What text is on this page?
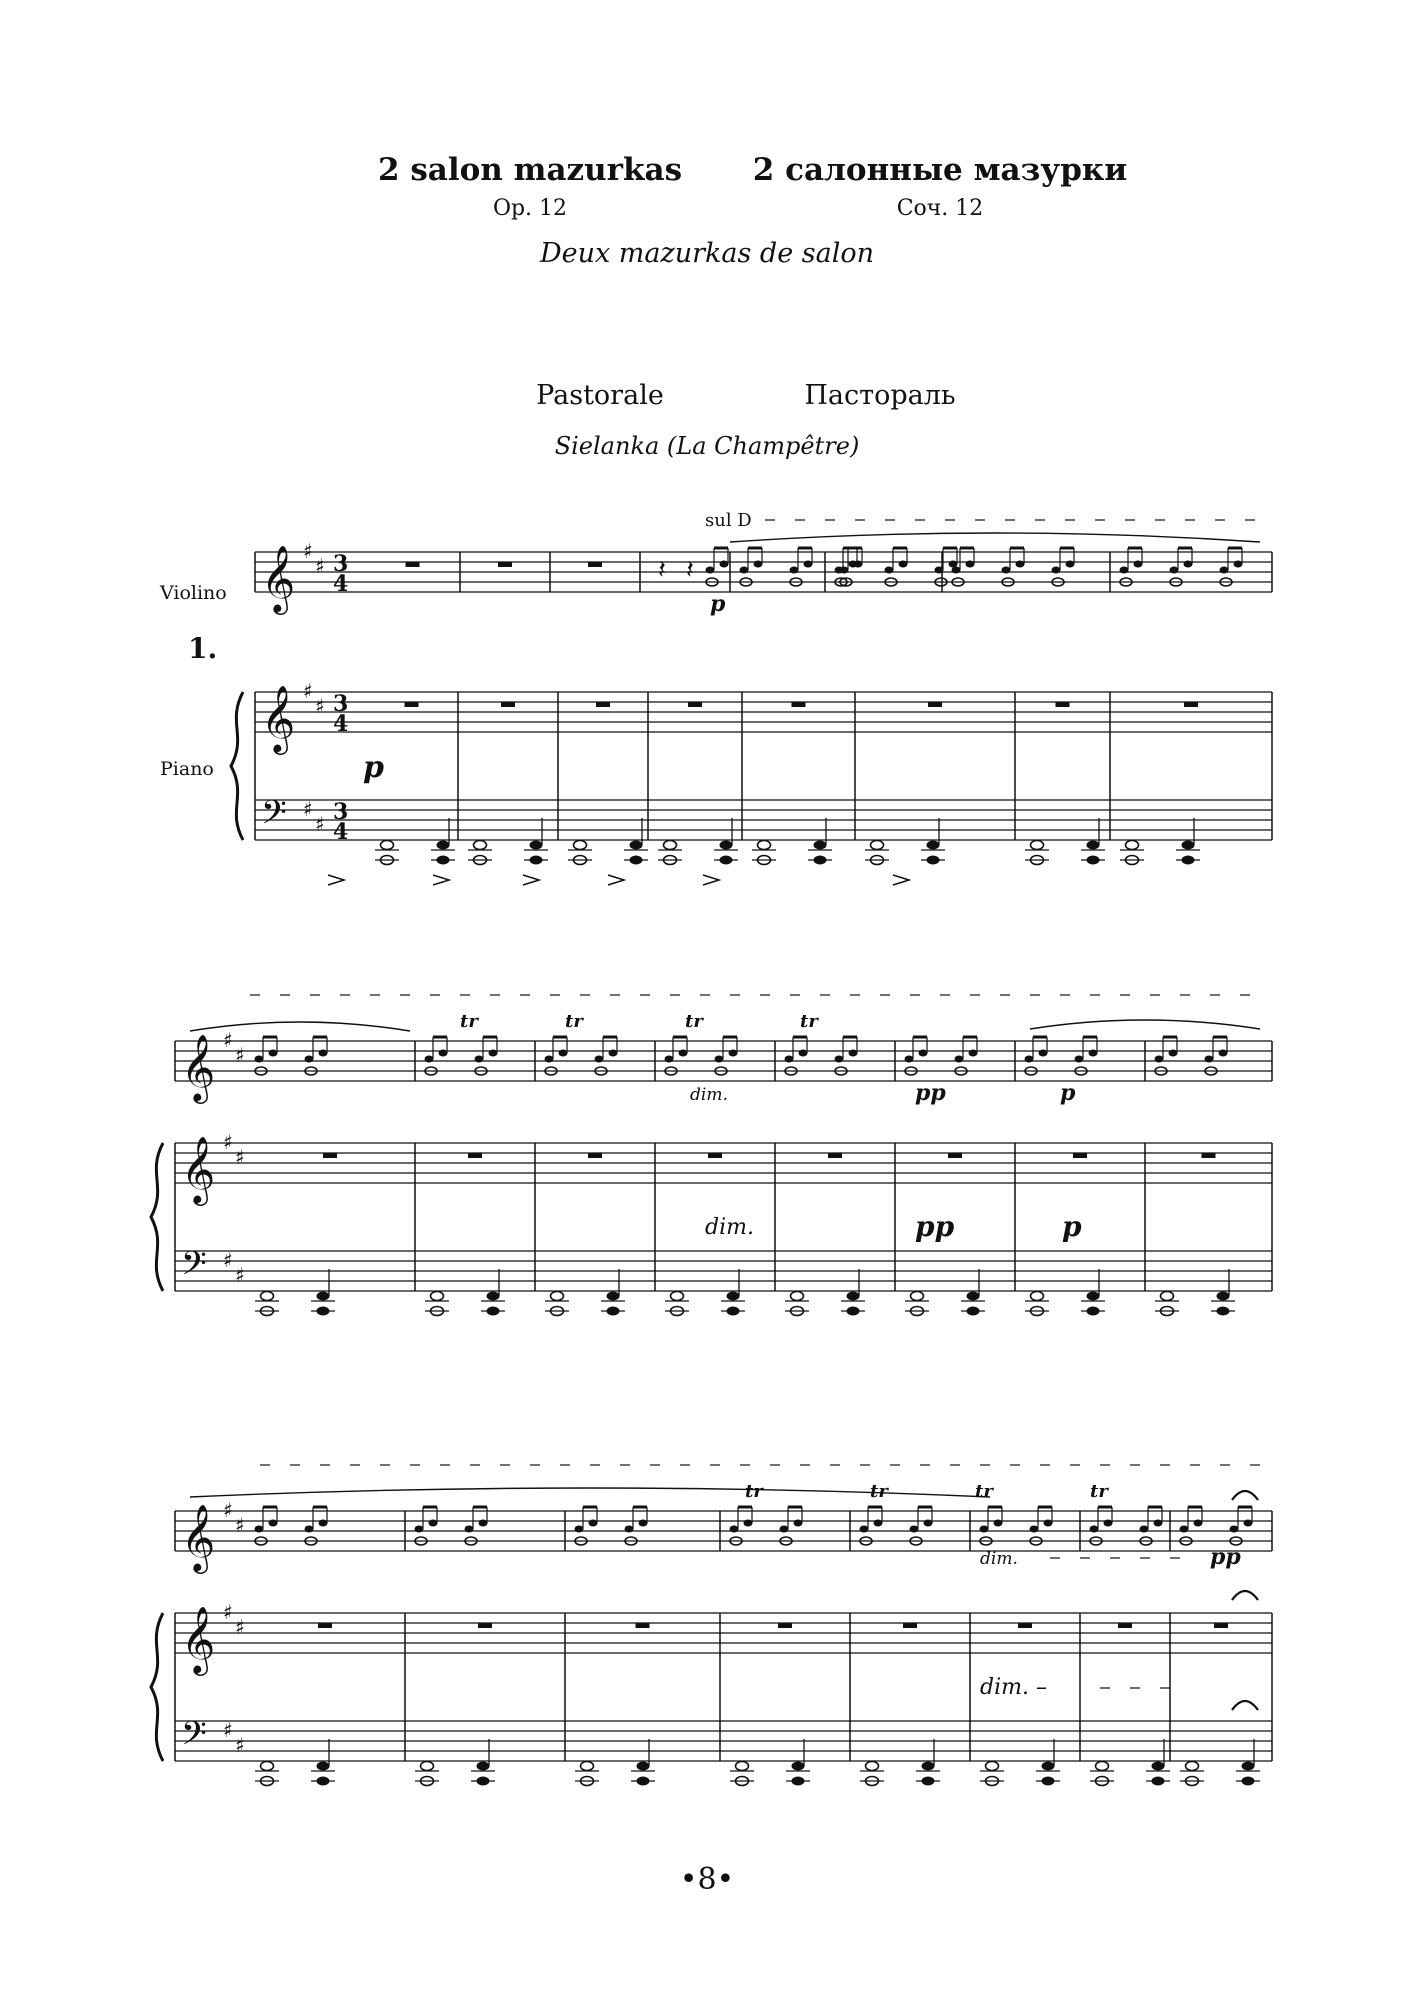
2 salon mazurkas	2 салонные мазурки
Op. 12	Соч. 12
Deux mazurkas de salon
Pastorale	Пастораль
Sielanka (La Champêtre)
Violino
Piano
1.
𝄞
𝄞
𝄢
♯
♯
♯
♯
♯
♯
3
4
3
4
3
4
𝄞
𝄞
𝄢
♯
♯
♯
♯
♯
♯
𝄞
𝄞
𝄢
♯
♯
♯
♯
♯
♯
𝄽 𝄽
sul D
p
p
tr	tr	tr	tr
dim.	pp	p
dim.	pp	p
tr	tr	tr	tr
dim.	pp
dim. –
•8•
